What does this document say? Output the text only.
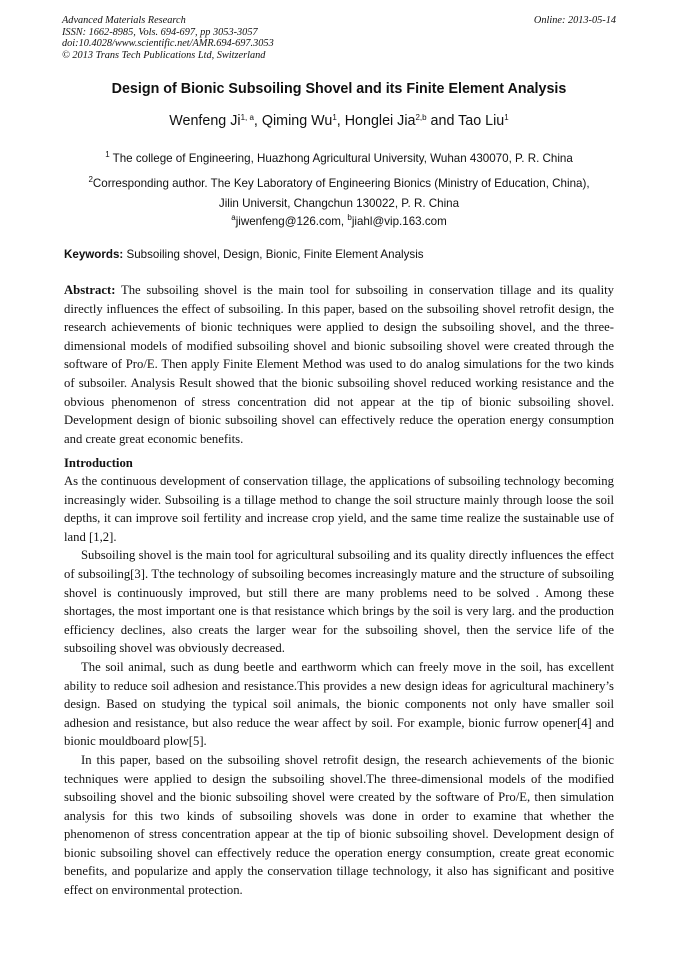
Advanced Materials Research
ISSN: 1662-8985, Vols. 694-697, pp 3053-3057
doi:10.4028/www.scientific.net/AMR.694-697.3053
© 2013 Trans Tech Publications Ltd, Switzerland
Online: 2013-05-14
Design of Bionic Subsoiling Shovel and its Finite Element Analysis
Wenfeng Ji$^{1, a}$, Qiming Wu$^1$, Honglei Jia$^{2,b}$ and Tao Liu$^1$
$^1$ The college of Engineering, Huazhong Agricultural University, Wuhan 430070, P. R. China
$^2$Corresponding author. The Key Laboratory of Engineering Bionics (Ministry of Education, China),
Jilin Universit, Changchun 130022, P. R. China
$^a$jiwenfeng@126.com, $^b$jiahl@vip.163.com
Keywords: Subsoiling shovel, Design, Bionic, Finite Element Analysis

Abstract: The subsoiling shovel is the main tool for subsoiling in conservation tillage and its quality directly influences the effect of subsoiling. In this paper, based on the subsoiling shovel retrofit design, the research achievements of bionic techniques were applied to design the subsoiling shovel, and the three-dimensional models of modified subsoiling shovel and bionic subsoiling shovel were created through the software of Pro/E. Then apply Finite Element Method was used to do analog simulations for the two kinds of subsoiler. Analysis Result showed that the bionic subsoiling shovel reduced working resistance and the obvious phenomenon of stress concentration did not appear at the tip of bionic subsoiling shovel. Development design of bionic subsoiling shovel can effectively reduce the operation energy consumption and create great economic benefits.

Introduction

As the continuous development of conservation tillage, the applications of subsoiling technology becoming increasingly wider. Subsoiling is a tillage method to change the soil structure mainly through loose the soil depths, it can improve soil fertility and increase crop yield, and the same time realize the sustainable use of land [1,2].

Subsoiling shovel is the main tool for agricultural subsoiling and its quality directly influences the effect of subsoiling[3]. Tthe technology of subsoiling becomes increasingly mature and the structure of subsoiling shovel is continuously improved, but still there are many problems need to be solved . Among these shortages, the most important one is that resistance which brings by the soil is very larg. and the production efficiency declines, also creats the larger wear for the subsoiling shovel, then the service life of the subsoiling shovel was obviously decreased.

The soil animal, such as dung beetle and earthworm which can freely move in the soil, has excellent ability to reduce soil adhesion and resistance.This provides a new design ideas for agricultural machinery’s design. Based on studying the typical soil animals, the bionic components not only have smaller soil adhesion and resistance, but also reduce the wear affect by soil. For example, bionic furrow opener[4] and bionic mouldboard plow[5].

In this paper, based on the subsoiling shovel retrofit design, the research achievements of the bionic techniques were applied to design the subsoiling shovel.The three-dimensional models of the modified subsoiling shovel and the bionic subsoiling shovel were created by the software of Pro/E, then simulation analysis for this two kinds of subsoiling shovels was done in order to examine that whether the phenomenon of stress concentration appear at the tip of bionic subsoiling shovel. Development design of bionic subsoiling shovel can effectively reduce the operation energy consumption, create great economic benefits, and popularize and apply the conservation tillage technology, it also has significant and positive effect on environmental protection.
